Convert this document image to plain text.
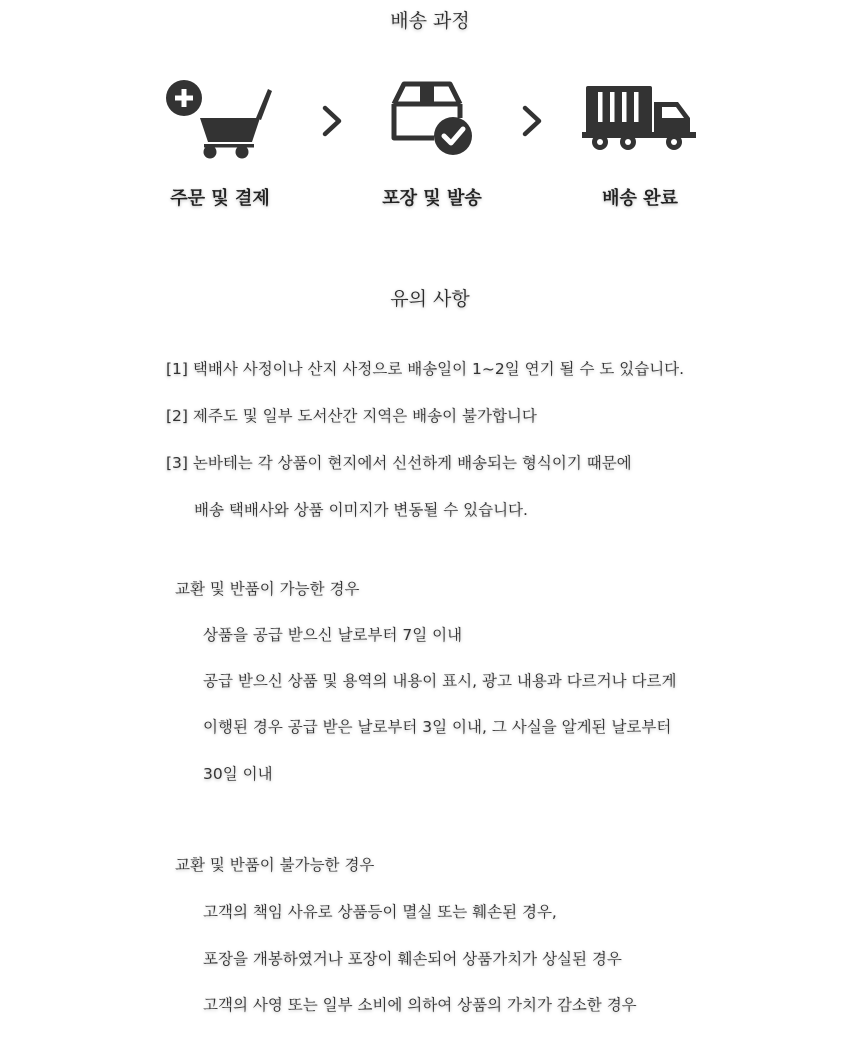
배송 과정
주문 및 결제	포장 및 발송	배송 완료
유의 사항
[1] 택배사 사정이나 산지 사정으로 배송일이 1~2일 연기 될 수 도 있습니다.
[2] 제주도 및 일부 도서산간 지역은 배송이 불가합니다
[3] 논바테는 각 상품이 현지에서 신선하게 배송되는 형식이기 때문에
배송 택배사와 상품 이미지가 변동될 수 있습니다.
교환 및 반품이 가능한 경우
상품을 공급 받으신 날로부터 7일 이내
공급 받으신 상품 및 용역의 내용이 표시, 광고 내용과 다르거나 다르게
이행된 경우 공급 받은 날로부터 3일 이내, 그 사실을 알게된 날로부터
30일 이내
교환 및 반품이 불가능한 경우
고객의 책임 사유로 상품등이 멸실 또는 훼손된 경우,
포장을 개봉하였거나 포장이 훼손되어 상품가치가 상실된 경우
고객의 사영 또는 일부 소비에 의하여 상품의 가치가 감소한 경우
